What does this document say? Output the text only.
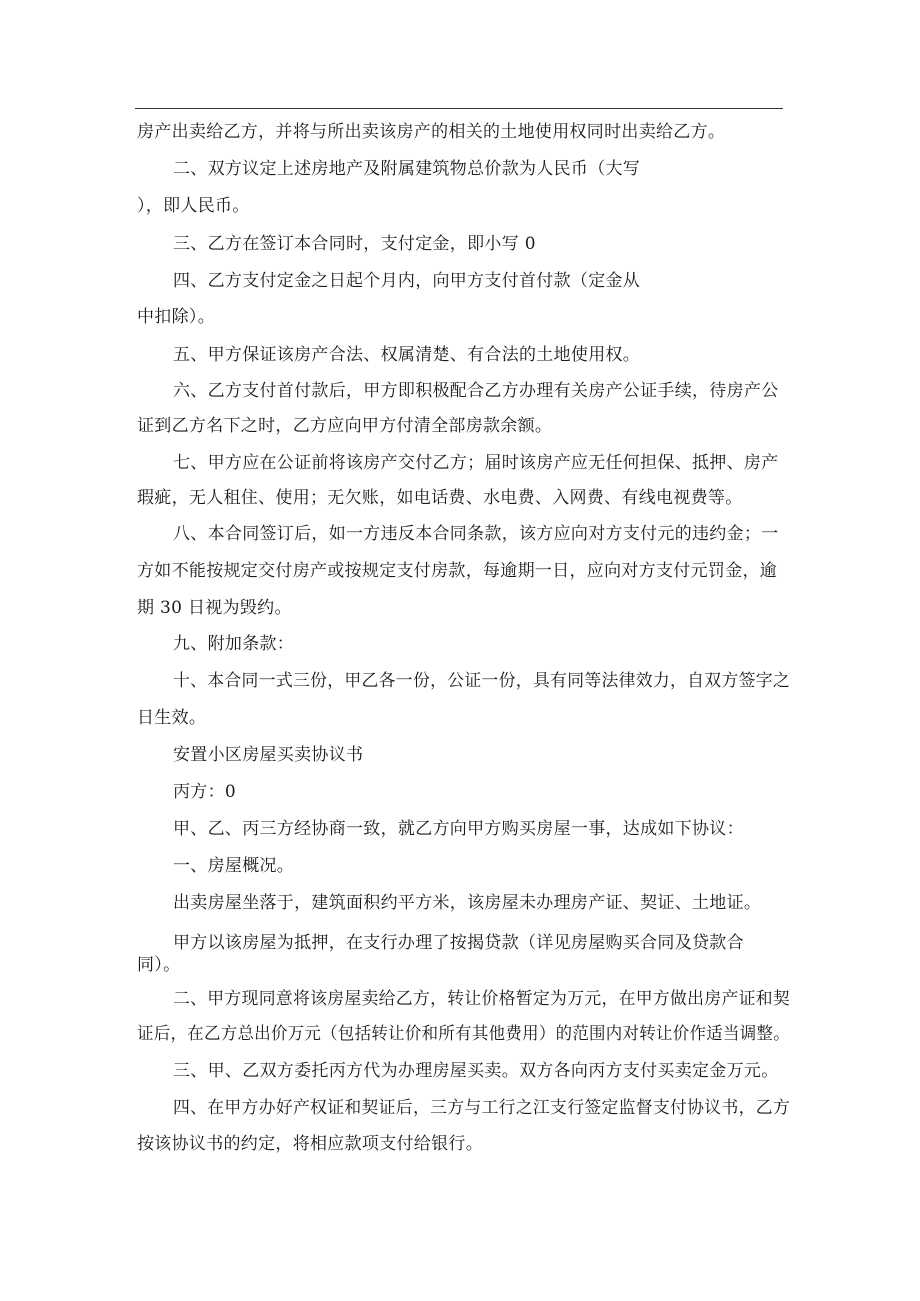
房产出卖给乙方，并将与所出卖该房产的相关的土地使用权同时出卖给乙方。
二、双方议定上述房地产及附属建筑物总价款为人民币（大写
），即人民币。
三、乙方在签订本合同时，支付定金，即小写 0
四、乙方支付定金之日起个月内，向甲方支付首付款（定金从
中扣除）。
五、甲方保证该房产合法、权属清楚、有合法的土地使用权。
六、乙方支付首付款后，甲方即积极配合乙方办理有关房产公证手续，待房产公
证到乙方名下之时，乙方应向甲方付清全部房款余额。
七、甲方应在公证前将该房产交付乙方；届时该房产应无任何担保、抵押、房产
瑕疵，无人租住、使用；无欠账，如电话费、水电费、入网费、有线电视费等。
八、本合同签订后，如一方违反本合同条款，该方应向对方支付元的违约金；一
方如不能按规定交付房产或按规定支付房款，每逾期一日，应向对方支付元罚金，逾
期 30 日视为毁约。
九、附加条款：
十、本合同一式三份，甲乙各一份，公证一份，具有同等法律效力，自双方签字之
日生效。
安置小区房屋买卖协议书
丙方：0
甲、乙、丙三方经协商一致，就乙方向甲方购买房屋一事，达成如下协议：
一、房屋概况。
出卖房屋坐落于，建筑面积约平方米，该房屋未办理房产证、契证、土地证。
甲方以该房屋为抵押，在支行办理了按揭贷款（详见房屋购买合同及贷款合
同）。
二、甲方现同意将该房屋卖给乙方，转让价格暂定为万元，在甲方做出房产证和契
证后，在乙方总出价万元（包括转让价和所有其他费用）的范围内对转让价作适当调整。
三、甲、乙双方委托丙方代为办理房屋买卖。双方各向丙方支付买卖定金万元。
四、在甲方办好产权证和契证后，三方与工行之江支行签定监督支付协议书，乙方
按该协议书的约定，将相应款项支付给银行。
